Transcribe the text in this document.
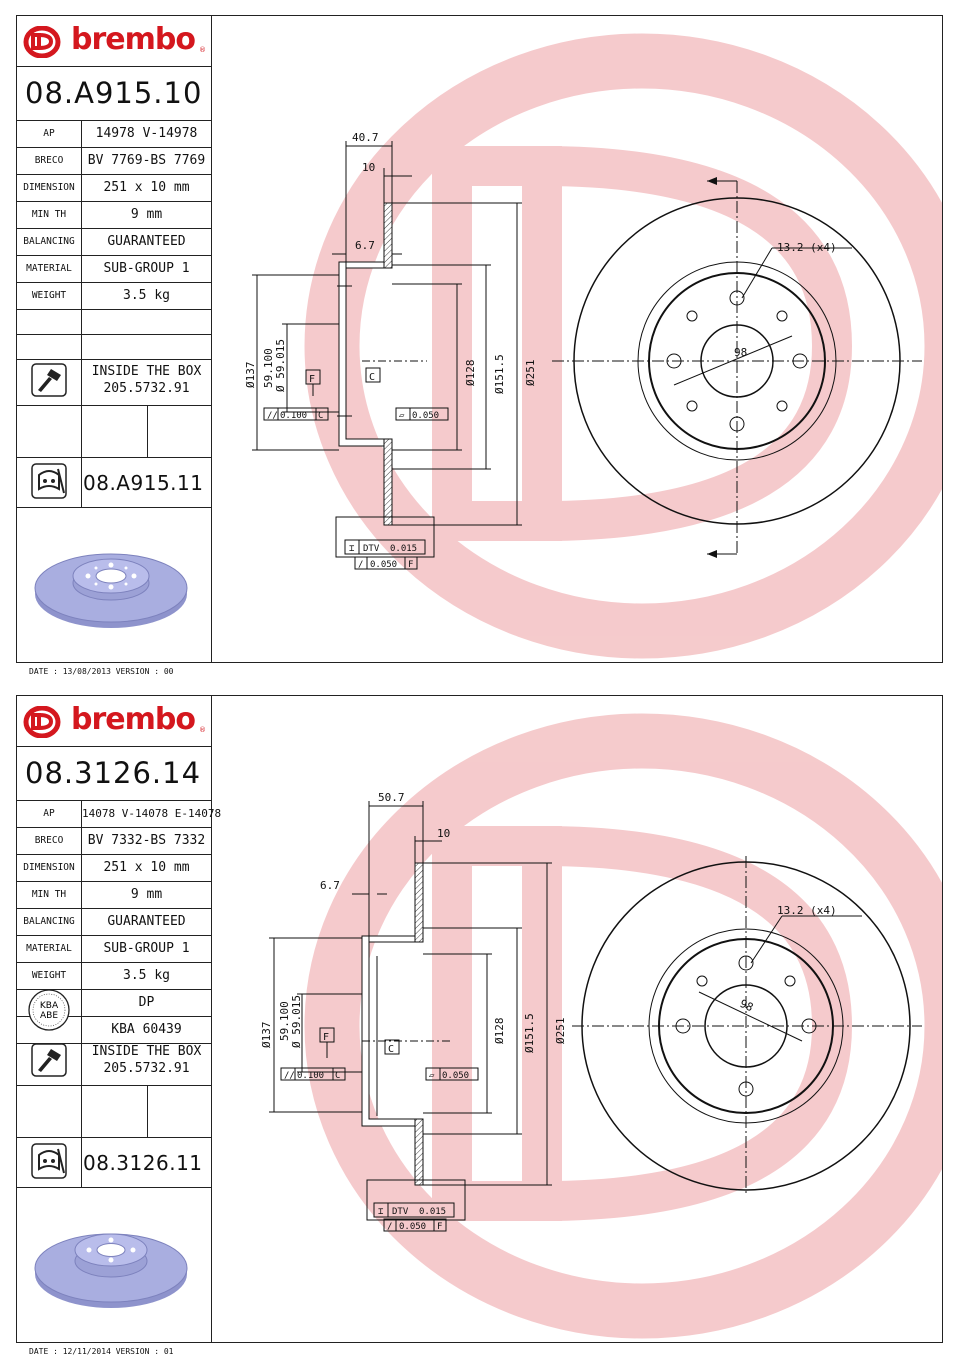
brembo ®
08.A915.10
AP	14978 V-14978
BRECO	BV 7769-BS 7769
DIMENSION	251 x 10 mm
MIN TH	9 mm
BALANCING	GUARANTEED
MATERIAL	SUB-GROUP 1
WEIGHT	3.5 kg
INSIDE THE BOX
205.5732.91
08.A915.11
DATE : 13/08/2013 VERSION : 00
40.7
10
6.7
Ø137 59.100 Ø 59.015	Ø128 Ø151.5 Ø251
F	C
// 0.100 C	▱ 0.050
⌶ DTV 0.015
/ 0.050 F
13.2 (x4)
98
brembo ®
08.3126.14
AP	14078 V-14078 E-14078
BRECO	BV 7332-BS 7332
DIMENSION	251 x 10 mm
MIN TH	9 mm
BALANCING	GUARANTEED
MATERIAL	SUB-GROUP 1
WEIGHT	3.5 kg
DP
KBA 60439
KBA
ABE
INSIDE THE BOX
205.5732.91
08.3126.11
DATE : 12/11/2014 VERSION : 01
50.7
10
6.7
Ø137 59.100 Ø 59.015	Ø128 Ø151.5 Ø251
F
C
// 0.100 C	▱ 0.050
⌶ DTV 0.015
/ 0.050 F
13.2 (x4)
98
